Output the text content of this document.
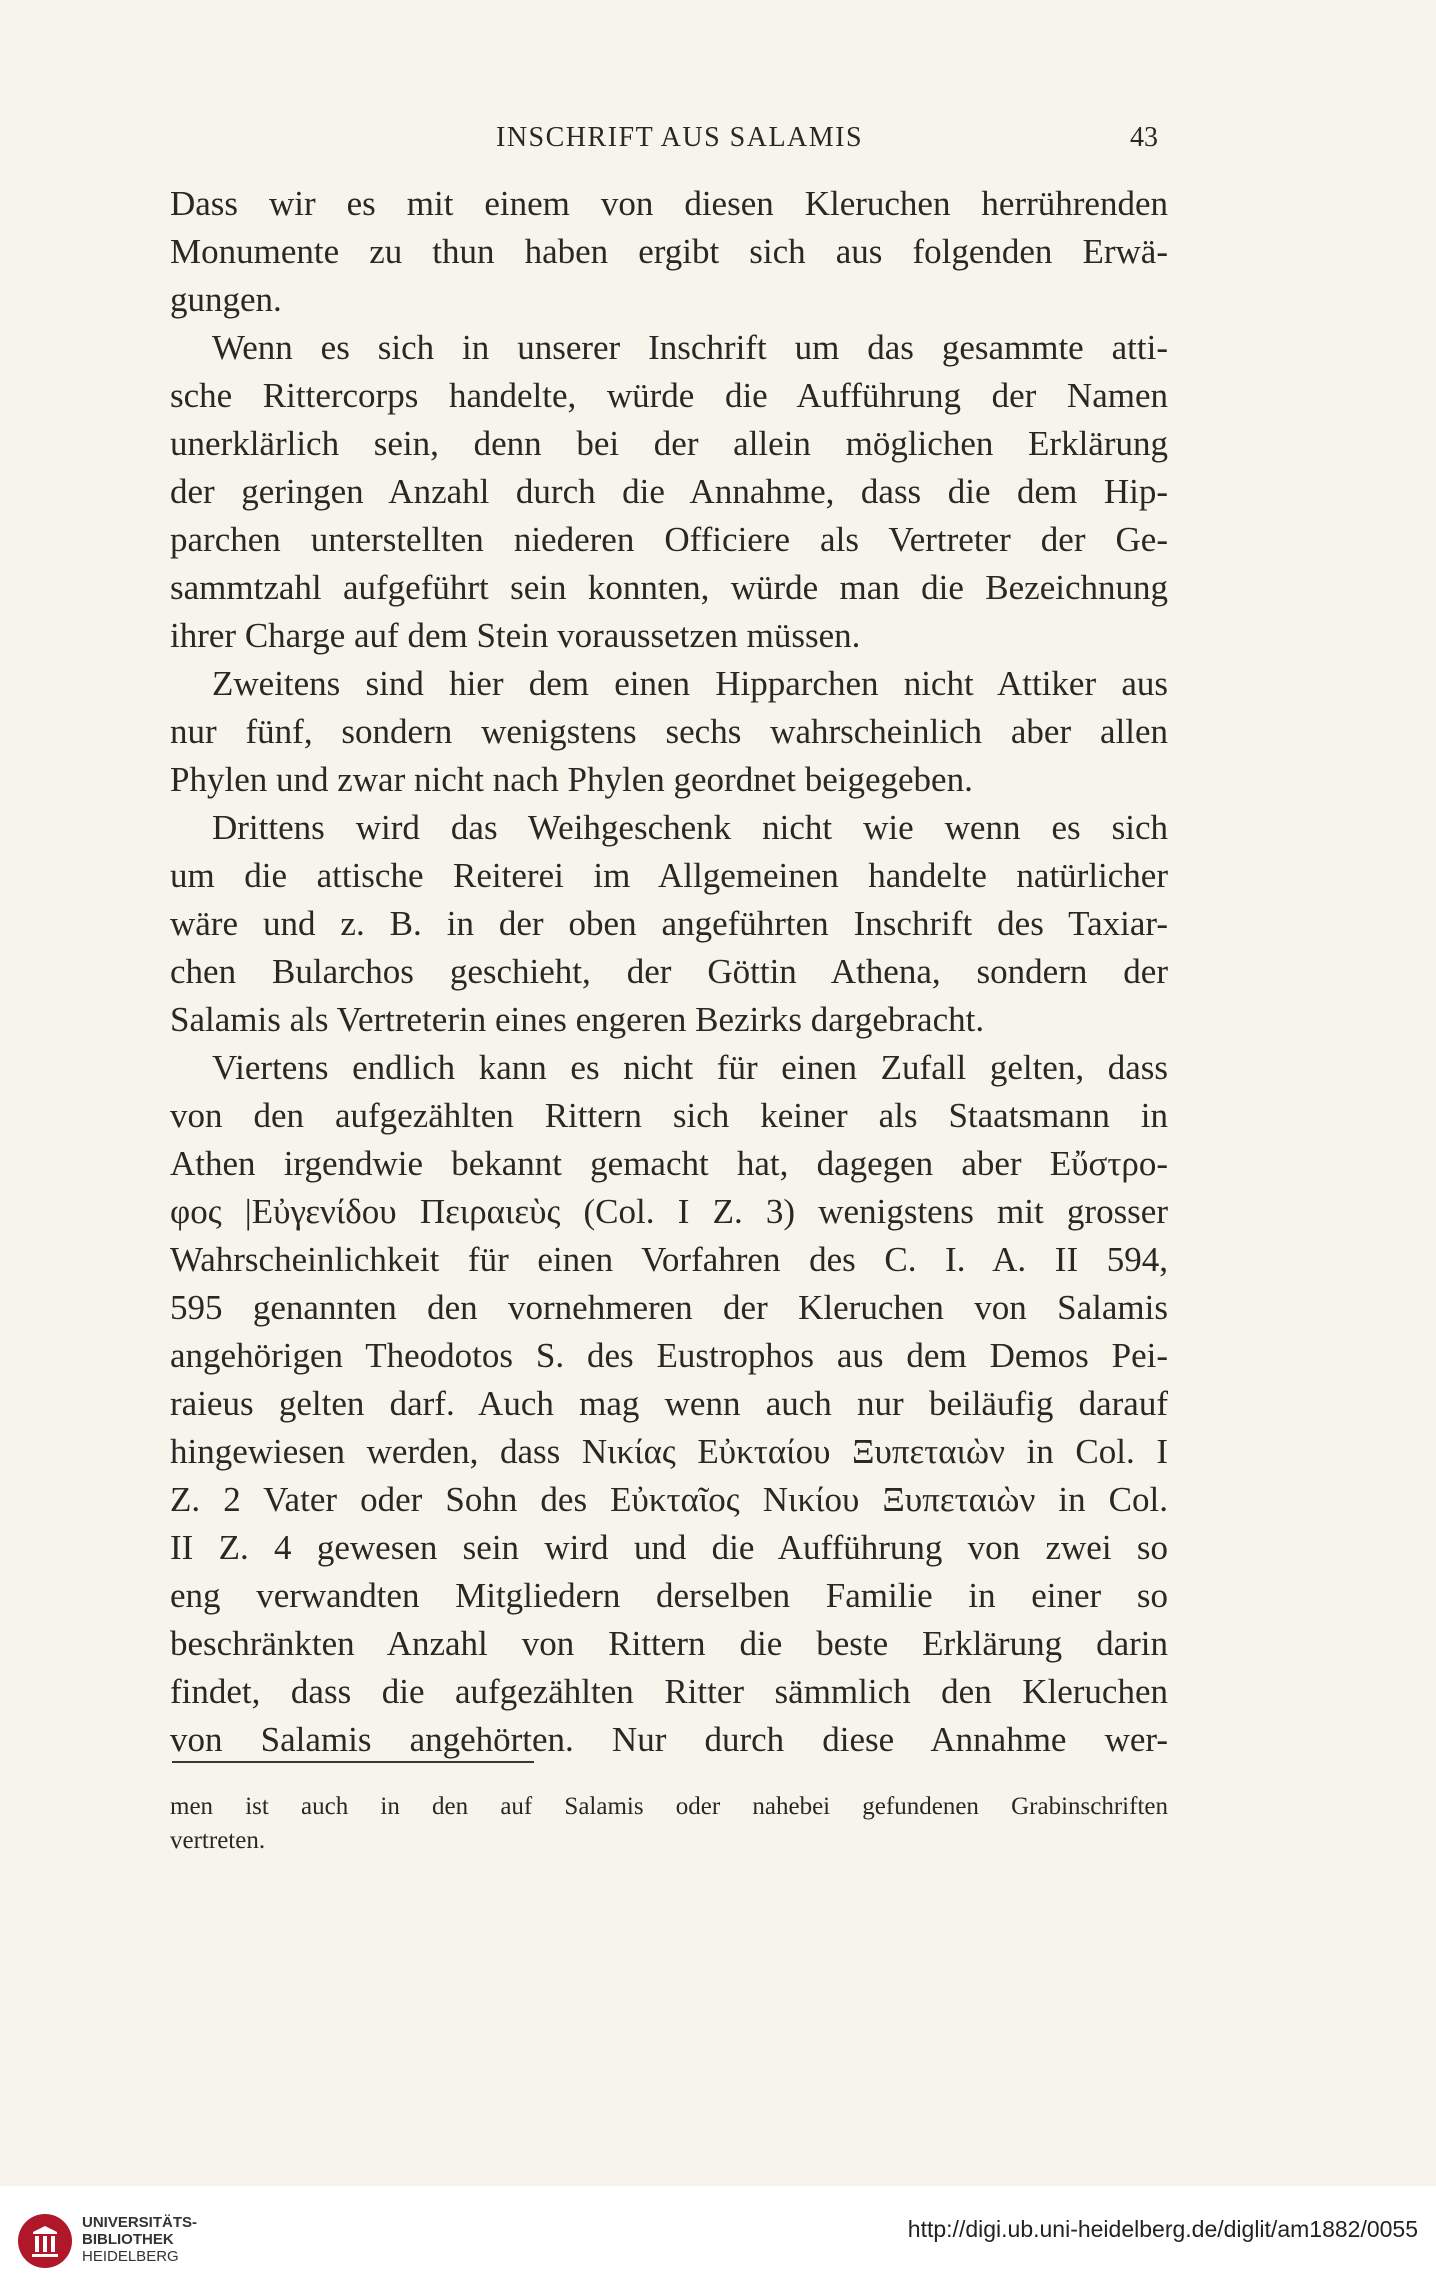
INSCHRIFT AUS SALAMIS	43
Dass wir es mit einem von diesen Kleruchen herrührenden
Monumente zu thun haben ergibt sich aus folgenden Erwä-
gungen.
Wenn es sich in unserer Inschrift um das gesammte atti-
sche Rittercorps handelte, würde die Aufführung der Namen
unerklärlich sein, denn bei der allein möglichen Erklärung
der geringen Anzahl durch die Annahme, dass die dem Hip-
parchen unterstellten niederen Officiere als Vertreter der Ge-
sammtzahl aufgeführt sein konnten, würde man die Bezeichnung
ihrer Charge auf dem Stein voraussetzen müssen.
Zweitens sind hier dem einen Hipparchen nicht Attiker aus
nur fünf, sondern wenigstens sechs wahrscheinlich aber allen
Phylen und zwar nicht nach Phylen geordnet beigegeben.
Drittens wird das Weihgeschenk nicht wie wenn es sich
um die attische Reiterei im Allgemeinen handelte natürlicher
wäre und z. B. in der oben angeführten Inschrift des Taxiar-
chen Bularchos geschieht, der Göttin Athena, sondern der
Salamis als Vertreterin eines engeren Bezirks dargebracht.
Viertens endlich kann es nicht für einen Zufall gelten, dass
von den aufgezählten Rittern sich keiner als Staatsmann in
Athen irgendwie bekannt gemacht hat, dagegen aber Εὔστρο-
φος |Εὐγενίδου Πειραιεὺς (Col. I Z. 3) wenigstens mit grosser
Wahrscheinlichkeit für einen Vorfahren des C. I. A. II 594,
595 genannten den vornehmeren der Kleruchen von Salamis
angehörigen Theodotos S. des Eustrophos aus dem Demos Pei-
raieus gelten darf. Auch mag wenn auch nur beiläufig darauf
hingewiesen werden, dass Νικίας Εὐκταίου Ξυπεταιὼν in Col. I
Z. 2 Vater oder Sohn des Εὐκταῖος Νικίου Ξυπεταιὼν in Col.
II Z. 4 gewesen sein wird und die Aufführung von zwei so
eng verwandten Mitgliedern derselben Familie in einer so
beschränkten Anzahl von Rittern die beste Erklärung darin
findet, dass die aufgezählten Ritter sämmlich den Kleruchen
von Salamis angehörten. Nur durch diese Annahme wer-
men ist auch in den auf Salamis oder nahebei gefundenen Grabinschriften
vertreten.
UNIVERSITÄTS-
BIBLIOTHEK
HEIDELBERG
http://digi.ub.uni-heidelberg.de/diglit/am1882/0055
